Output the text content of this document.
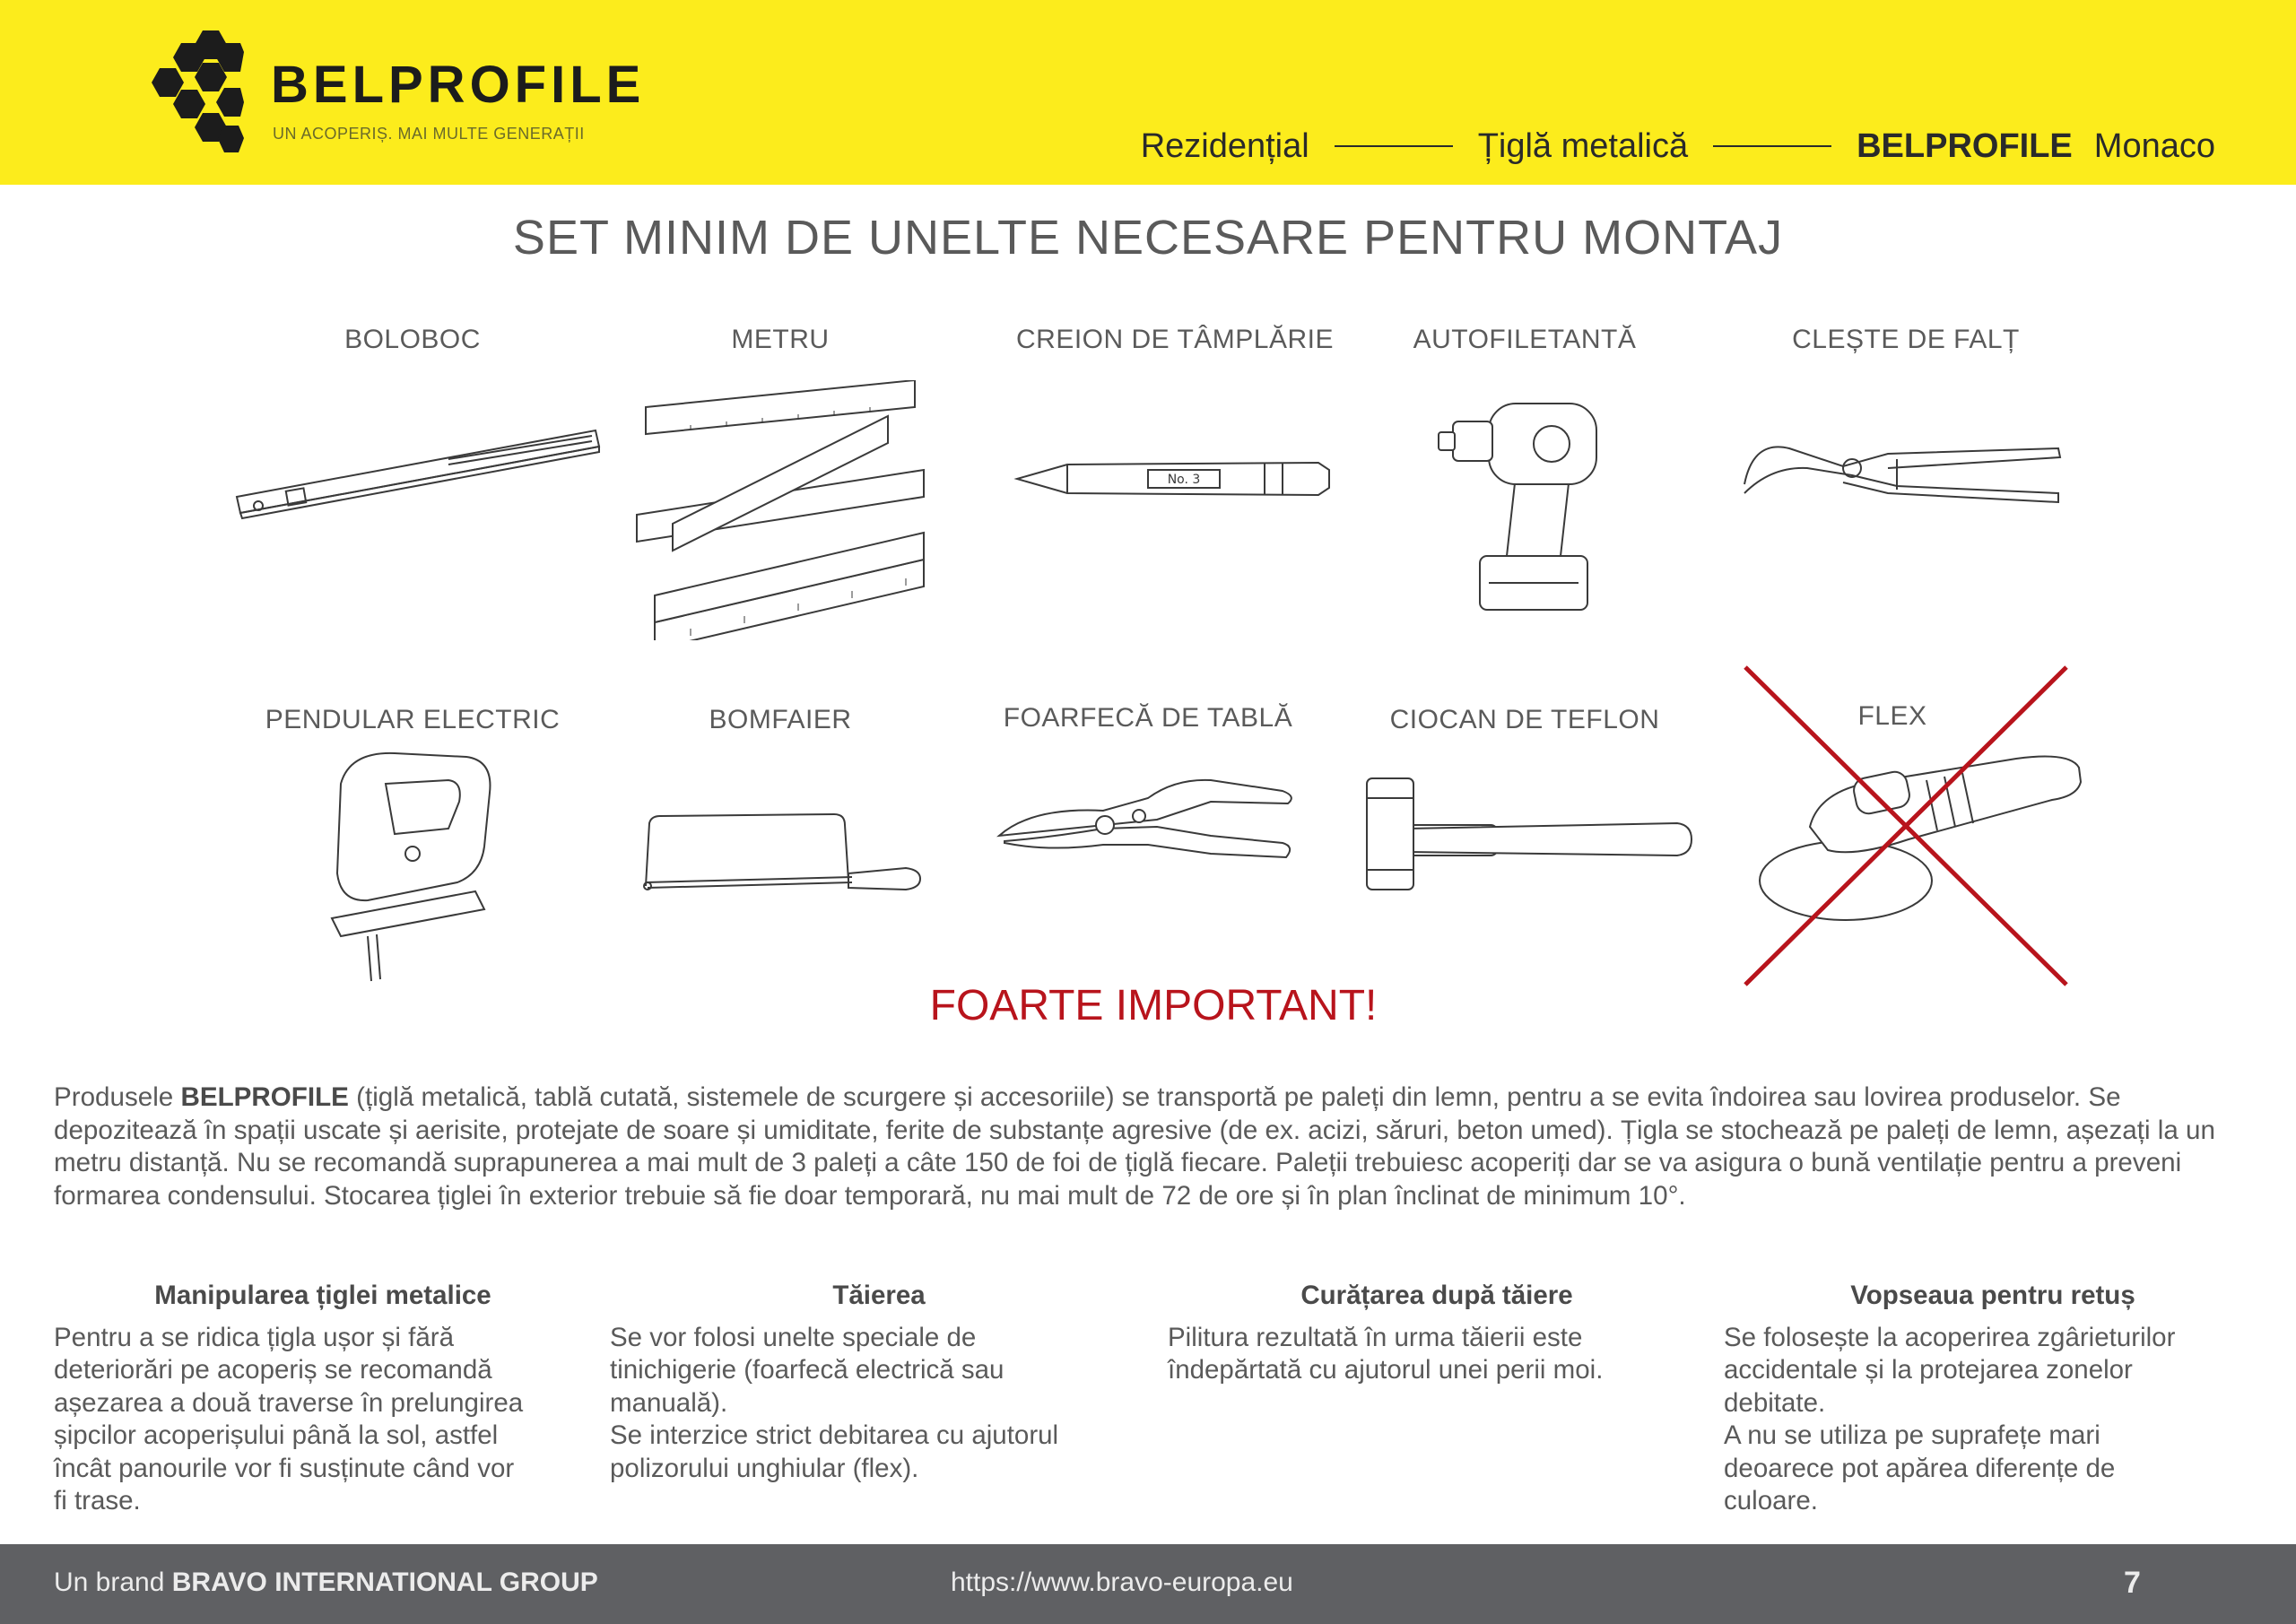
BELPROFILE
UN ACOPERIȘ. MAI MULTE GENERAȚII	Rezidențial	Țiglă metalică	BELPROFILE Monaco
SET MINIM DE UNELTE NECESARE PENTRU MONTAJ
BOLOBOC	METRU	CREION DE TÂMPLĂRIE
No. 3
AUTOFILETANTĂ	CLEȘTE DE FALȚ
PENDULAR ELECTRIC	BOMFAIER	FOARFECĂ DE TABLĂ	CIOCAN DE TEFLON	FLEX
FOARTE IMPORTANT!
Produsele BELPROFILE (țiglă metalică, tablă cutată, sistemele de scurgere și accesoriile) se transportă pe paleți din lemn, pentru a se evita îndoirea sau lovirea produselor. Se depozitează în spații uscate și aerisite, protejate de soare și umiditate, ferite de substanțe agresive (de ex. acizi, săruri, beton umed). Țigla se stochează pe paleți de lemn, așezați la un metru distanță. Nu se recomandă suprapunerea a mai mult de 3 paleți a câte 150 de foi de țiglă fiecare. Paleții trebuiesc acoperiți dar se va asigura o bună ventilație pentru a preveni formarea condensului. Stocarea țiglei în exterior trebuie să fie doar temporară, nu mai mult de 72 de ore și în plan înclinat de minimum 10°.
Manipularea țiglei metalice
Pentru a se ridica țigla ușor și fără
deteriorări pe acoperiș se recomandă
așezarea a două traverse în prelungirea
șipcilor acoperișului până la sol, astfel
încât panourile vor fi susținute când vor
fi trase.
Tăierea
Se vor folosi unelte speciale de
tinichigerie (foarfecă electrică sau
manuală).
Se interzice strict debitarea cu ajutorul
polizorului unghiular (flex).
Curățarea după tăiere
Pilitura rezultată în urma tăierii este
îndepărtată cu ajutorul unei perii moi.
Vopseaua pentru retuș
Se folosește la acoperirea zgârieturilor
accidentale și la protejarea zonelor
debitate.
A nu se utiliza pe suprafețe mari
deoarece pot apărea diferențe de
culoare.
Un brand BRAVO INTERNATIONAL GROUP	https://www.bravo-europa.eu	7
